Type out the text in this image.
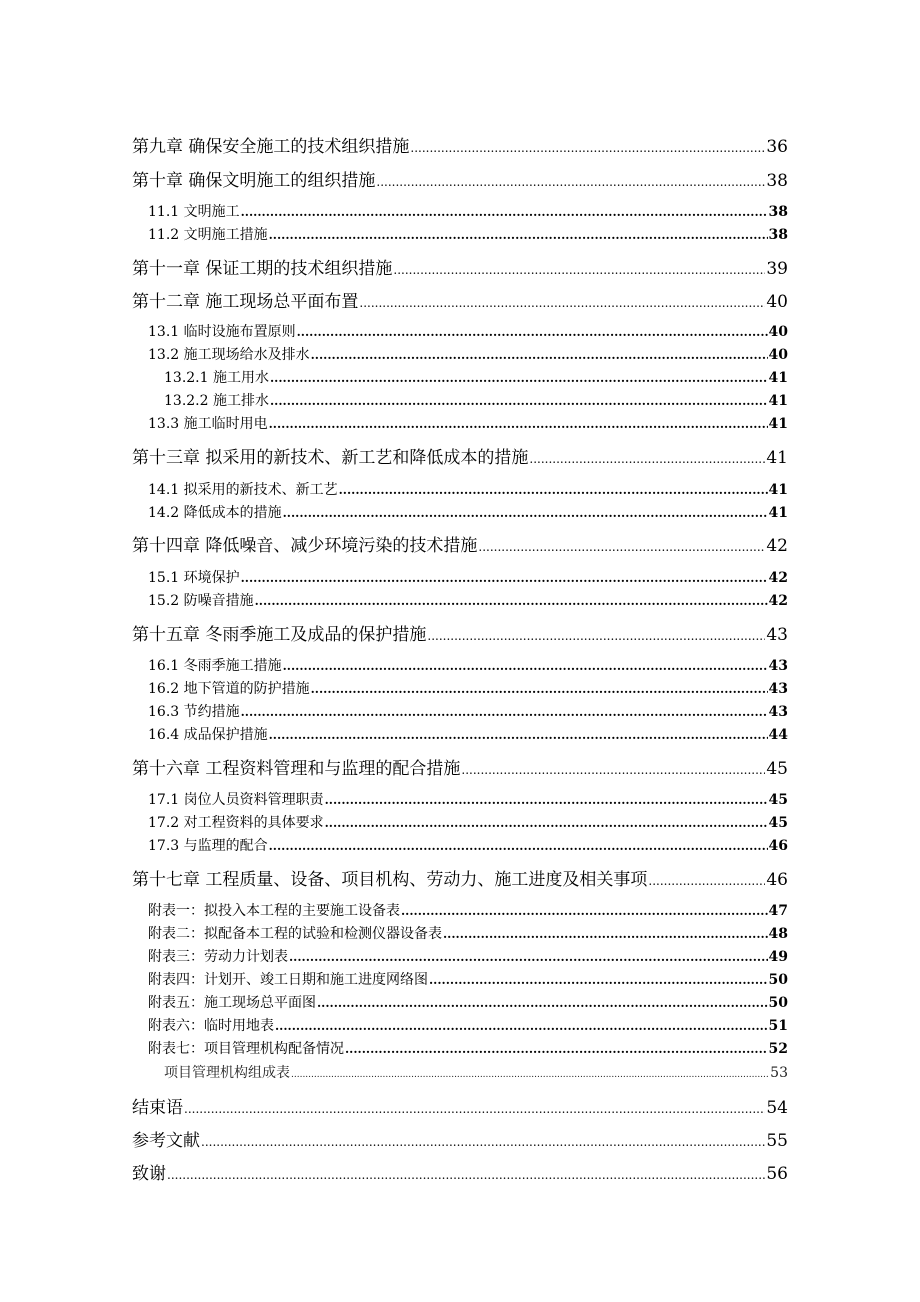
第九章 确保安全施工的技术组织措施 .....	36
第十章 确保文明施工的组织措施 .....	38
11.1 文明施工 .....	38
11.2 文明施工措施 .....	38
第十一章 保证工期的技术组织措施 .....	39
第十二章 施工现场总平面布置 .....	40
13.1 临时设施布置原则 .....	40
13.2 施工现场给水及排水 .....	40
13.2.1 施工用水 .....	41
13.2.2 施工排水 .....	41
13.3 施工临时用电 .....	41
第十三章 拟采用的新技术、新工艺和降低成本的措施 .....	41
14.1 拟采用的新技术、新工艺 .....	41
14.2 降低成本的措施 .....	41
第十四章 降低噪音、减少环境污染的技术措施 .....	42
15.1 环境保护 .....	42
15.2 防噪音措施 .....	42
第十五章 冬雨季施工及成品的保护措施 .....	43
16.1 冬雨季施工措施 .....	43
16.2 地下管道的防护措施 .....	43
16.3 节约措施 .....	43
16.4 成品保护措施 .....	44
第十六章 工程资料管理和与监理的配合措施 .....	45
17.1 岗位人员资料管理职责 .....	45
17.2 对工程资料的具体要求 .....	45
17.3 与监理的配合 .....	46
第十七章 工程质量、设备、项目机构、劳动力、施工进度及相关事项 .....	46
附表一：拟投入本工程的主要施工设备表 .....	47
附表二：拟配备本工程的试验和检测仪器设备表 .....	48
附表三：劳动力计划表 .....	49
附表四：计划开、竣工日期和施工进度网络图 .....	50
附表五：施工现场总平面图 .....	50
附表六：临时用地表 .....	51
附表七：项目管理机构配备情况 .....	52
项目管理机构组成表 .....	53
结束语 .....	54
参考文献 .....	55
致谢 .....	56
